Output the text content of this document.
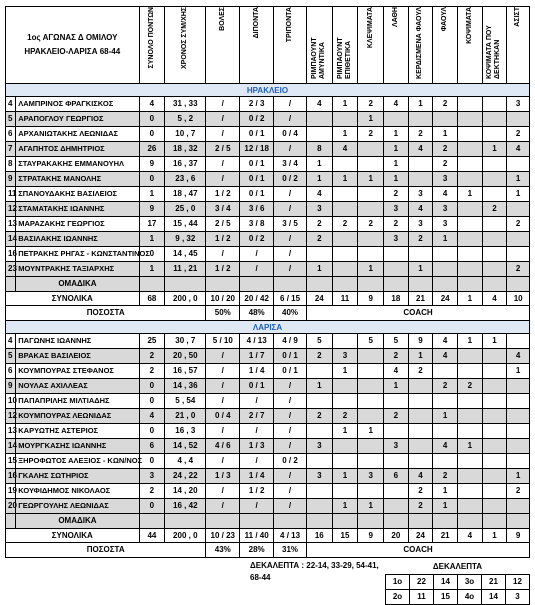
1ος ΑΓΩΝΑΣ Δ ΟΜΙΛΟΥ
ΗΡΑΚΛΕΙΟ-ΛΑΡΙΣΑ 68-44		ΣΥΝΟΛΟ ΠΟΝΤΩΝ	ΧΡΟΝΟΣ ΣΥΜ/ΧΗΣ	ΒΟΛΕΣ	ΔΙΠΟΝΤΑ	ΤΡΙΠΟΝΤΑ	ΡΙΜΠΑΟΥΝΤ ΑΜΥΝΤΙΚΑ	ΡΙΜΠΑΟΥΝΤ ΕΠΙΘΕΤΙΚΑ	ΚΛΕΨΙΜΑΤΑ	ΛΑΘΗ	ΚΕΡΔΙΣΜΕΝΑ ΦΑΟΥΛ	ΦΑΟΥΛ	ΚΟΨΙΜΑΤΑ	ΚΟΨΙΜΑΤΑ ΠΟΥ ΔΕΚΤΗΚΑΝ	ΑΣΙΣΤ
ΗΡΑΚΛΕΙΟ															
4	ΛΑΜΠΡΙΝΟΣ ΦΡΑΓΚΙΣΚΟΣ	4	31 , 33	/	2 / 3	/	4	1	2	4	1	2			3
5	ΑΡΑΠΟΓΛΟΥ ΓΕΩΡΓΙΟΣ	0	5 , 2	/	0 / 2	/			1						
6	ΑΡΧΑΝΙΩΤΑΚΗΣ ΛΕΩΝΙΔΑΣ	0	10 , 7	/	0 / 1	0 / 4		1	2	1	2	1			2
7	ΑΓΑΠΗΤΟΣ ΔΗΜΗΤΡΙΟΣ	26	18 , 32	2 / 5	12 / 18	/	8	4		1	4	2		1	4
8	ΣΤΑΥΡΑΚΑΚΗΣ ΕΜΜΑΝΟΥΗΛ	9	16 , 37	/	0 / 1	3 / 4	1			1		2			
9	ΣΤΡΑΤΑΚΗΣ ΜΑΝΟΛΗΣ	0	23 , 6	/	0 / 1	0 / 2	1	1	1	1		3			1
11	ΣΠΑΝΟΥΔΑΚΗΣ ΒΑΣΙΛΕΙΟΣ	1	18 , 47	1 / 2	0 / 1	/	4			2	3	4	1		1
12	ΣΤΑΜΑΤΑΚΗΣ ΙΩΑΝΝΗΣ	9	25 , 0	3 / 4	3 / 6	/	3			3	4	3		2	
13	ΜΑΡΑΖΑΚΗΣ ΓΕΩΡΓΙΟΣ	17	15 , 44	2 / 5	3 / 8	3 / 5	2	2	2	2	3	3			2
14	ΒΑΣΙΛΑΚΗΣ ΙΩΑΝΝΗΣ	1	9 , 32	1 / 2	0 / 2	/	2			3	2	1			
16	ΠΕΤΡΑΚΗΣ ΡΗΓΑΣ - ΚΩΝΣΤΑΝΤΙΝΟΣ	0	14 , 45	/	/	/									
23	ΜΟΥΝΤΡΑΚΗΣ ΤΑΞΙΑΡΧΗΣ	1	11 , 21	1 / 2	/	/	1		1		1				2
	ΟΜΑΔΙΚΑ														
ΣΥΝΟΛΙΚΑ		68	200 , 0	10 / 20	20 / 42	6 / 15	24	11	9	18	21	24	1	4	10
ΠΟΣΟΣΤΑ				50%	48%	40%	COACH								
ΛΑΡΙΣΑ															
4	ΠΑΓΩΝΗΣ ΙΩΑΝΝΗΣ	25	30 , 7	5 / 10	4 / 13	4 / 9	5		5	5	9	4	1	1	
5	ΒΡΑΚΑΣ ΒΑΣΙΛΕΙΟΣ	2	20 , 50	/	1 / 7	0 / 1	2	3		2	1	4			4
6	ΚΟΥΜΠΟΥΡΑΣ ΣΤΕΦΑΝΟΣ	2	16 , 57	/	1 / 4	0 / 1		1		4	2				1
9	ΝΟΥΛΑΣ ΑΧΙΛΛΕΑΣ	0	14 , 36	/	0 / 1	/	1			1		2	2		
10	ΠΑΠΑΠΡΙΛΗΣ ΜΙΛΤΙΑΔΗΣ	0	5 , 54	/	/	/									
12	ΚΟΥΜΠΟΥΡΑΣ ΛΕΩΝΙΔΑΣ	4	21 , 0	0 / 4	2 / 7	/	2	2		2		1			
13	ΚΑΡΥΩΤΗΣ ΑΣΤΕΡΙΟΣ	0	16 , 3	/	/	/		1	1						
14	ΜΟΥΡΓΚΑΣΗΣ ΙΩΑΝΝΗΣ	6	14 , 52	4 / 6	1 / 3	/	3			3		4	1		
15	ΞΗΡΟΦΩΤΟΣ ΑΛΕΞΙΟΣ - ΚΩΝ/ΝΟΣ	0	4 , 4	/	/	0 / 2									
16	ΓΚΑΛΗΣ ΣΩΤΗΡΙΟΣ	3	24 , 22	1 / 3	1 / 4	/	3	1	3	6	4	2			1
19	ΚΟΥΦΙΔΗΜΟΣ ΝΙΚΟΛΑΟΣ	2	14 , 20	/	1 / 2	/					2	1			2
20	ΓΕΩΡΓΟΥΛΗΣ ΛΕΩΝΙΔΑΣ	0	16 , 42	/	/	/		1	1		2	1			
	ΟΜΑΔΙΚΑ														
ΣΥΝΟΛΙΚΑ		44	200 , 0	10 / 23	11 / 40	4 / 13	16	15	9	20	24	21	4	1	9
ΠΟΣΟΣΤΑ				43%	28%	31%	COACH								
ΔΕΚΑΛΕΠΤΑ : 22-14, 33-29, 54-41, 68-44
ΔΕΚΑΛΕΠΤΑ					
1ο	22	14	3ο	21	12
2ο	11	15	4ο	14	3
